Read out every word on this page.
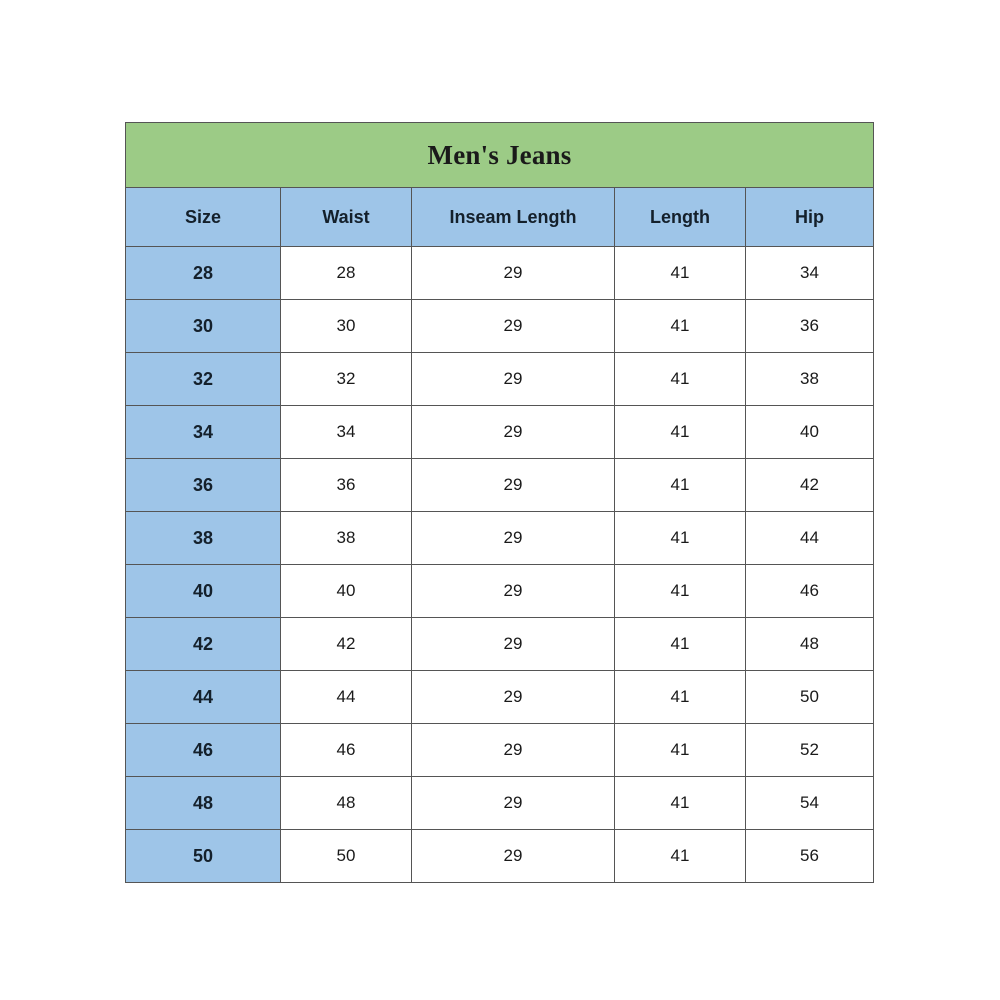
Men's Jeans				
Size	Waist	Inseam Length	Length	Hip
28	28	29	41	34
30	30	29	41	36
32	32	29	41	38
34	34	29	41	40
36	36	29	41	42
38	38	29	41	44
40	40	29	41	46
42	42	29	41	48
44	44	29	41	50
46	46	29	41	52
48	48	29	41	54
50	50	29	41	56
